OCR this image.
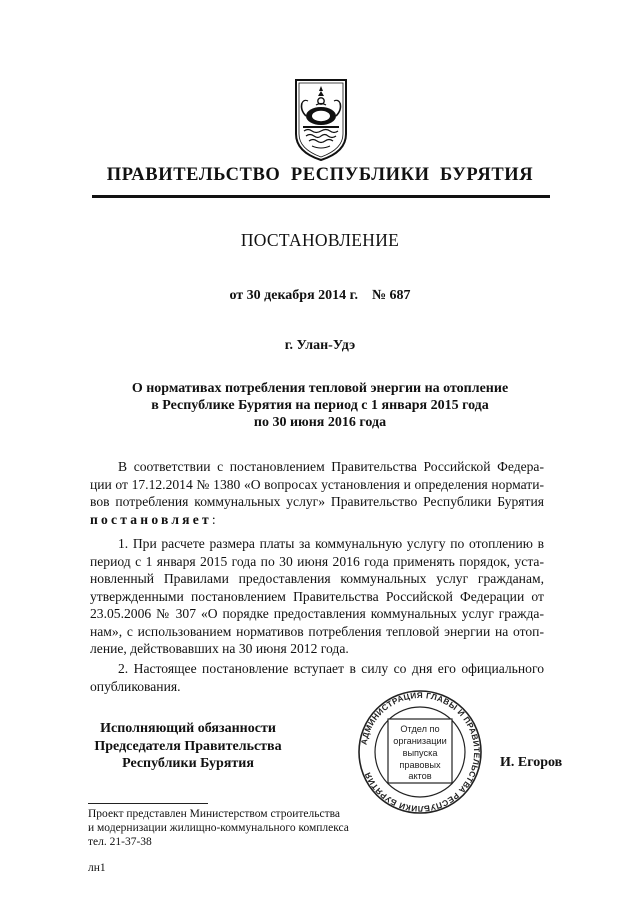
ПРАВИТЕЛЬСТВО  РЕСПУБЛИКИ  БУРЯТИЯ
ПОСТАНОВЛЕНИЕ
от 30 декабря 2014 г. № 687
г. Улан-Удэ
О нормативах потребления тепловой энергии на отопление
в Республике Бурятия на период с 1 января 2015 года
по 30 июня 2016 года
В соответствии с постановлением Правительства Российской Федера-
ции от 17.12.2014 № 1380 «О вопросах установления и определения нормати-
вов потребления коммунальных услуг» Правительство Республики Бурятия
постановляет:
1. При расчете размера платы за коммунальную услугу по отоплению в
период с 1 января 2015 года по 30 июня 2016 года применять порядок, уста-
новленный Правилами предоставления коммунальных услуг гражданам,
утвержденными постановлением Правительства Российской Федерации от
23.05.2006 № 307 «О порядке предоставления коммунальных услуг гражда-
нам», с использованием нормативов потребления тепловой энергии на отоп-
ление, действовавших на 30 июня 2012 года.
2. Настоящее постановление вступает в силу со дня его официального
опубликования.
Исполняющий обязанности
Председателя Правительства
Республики Бурятия
АДМИНИСТРАЦИЯ ГЛАВЫ И ПРАВИТЕЛЬСТВА РЕСПУБЛИКИ БУРЯТИЯ
Отдел по
организации
выпуска
правовых
актов
И. Егоров
Проект представлен Министерством строительства
и модернизации жилищно-коммунального комплекса
тел. 21-37-38
лн1
